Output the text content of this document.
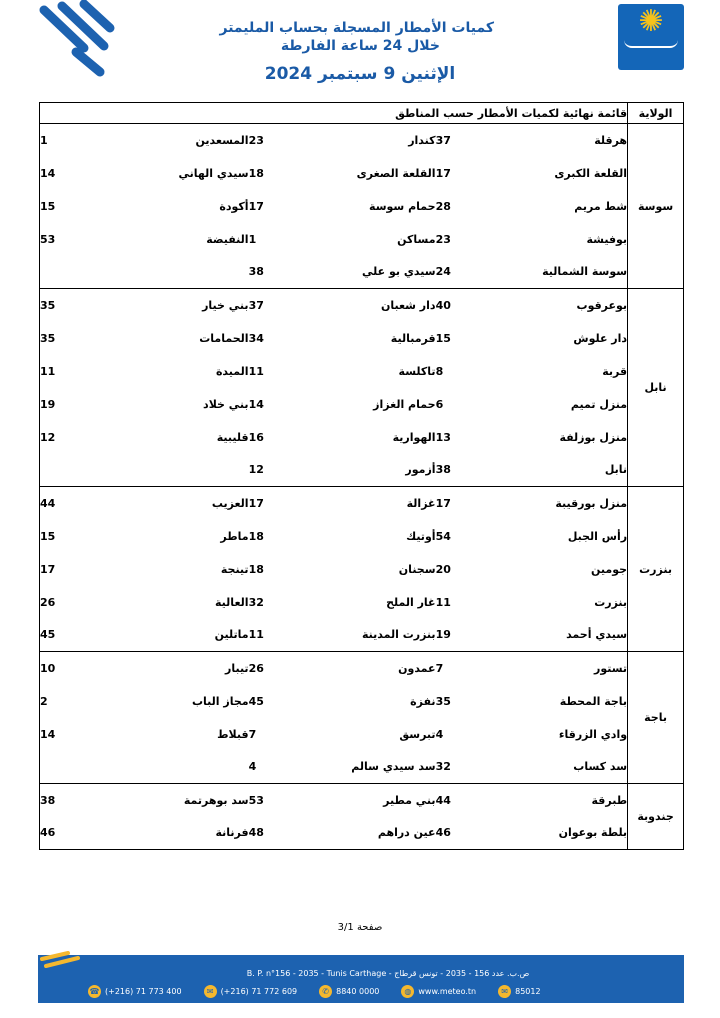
✺
كميات الأمطار المسجلة بحساب المليمتر
خلال 24 ساعة الفارطة
الإثنين 9 سبتمبر 2024
الولاية	قائمة نهائية لكميات الأمطار حسب المناطق					
سوسة	هرقلة	37	كندار	23	المسعدين	1
	القلعة الكبرى	17	القلعة الصغرى	18	سيدي الهاني	14
	شط مريم	28	حمام سوسة	17	أكودة	15
	بوفيشة	23	مساكن	1	النفيضة	53
	سوسة الشمالية	24	سيدي بو علي	38		
نابل	بوعرقوب	40	دار شعبان	37	بني خيار	35
	دار علوش	15	قرمبالية	34	الحمامات	35
	قربة	8	تاكلسة	11	الميدة	11
	منزل تميم	6	حمام الغزاز	14	بني خلاد	19
	منزل بوزلفة	13	الهوارية	16	قليبية	12
	نابل	38	أزمور	12		
بنزرت	منزل بورقيبة	17	غزالة	17	العزيب	44
	رأس الجبل	54	أوتيك	18	ماطر	15
	جومين	20	سجنان	18	تينجة	17
	بنزرت	11	غار الملح	32	العالية	26
	سيدي أحمد	19	بنزرت المدينة	11	ماتلين	45
باجة	تستور	7	عمدون	26	تيبار	10
	باجة المحطة	35	نفزة	45	مجاز الباب	2
	وادي الزرقاء	4	تبرسق	7	قبلاط	14
	سد كساب	32	سد سيدي سالم	4		
جندوبة	طبرقة	44	بني مطير	53	سد بوهرتمة	38
	بلطة بوعوان	46	عين دراهم	48	فرنانة	46
صفحة 3/1
B. P. n°156 - 2035 - Tunis Carthage - ص.ب. عدد 156 - 2035 - تونس قرطاج
☎ (+216) 71 773 400	✉ (+216) 71 772 609	✆ 8840 0000	◍ www.meteo.tn	✉ 85012
